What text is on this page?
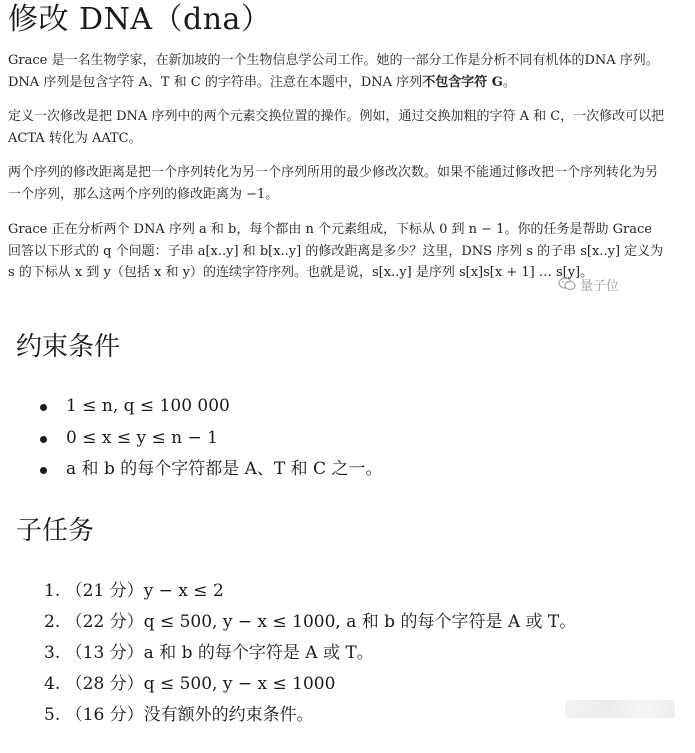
修改 DNA（dna）

Grace 是一名生物学家，在新加坡的一个生物信息学公司工作。她的一部分工作是分析不同有机体的DNA 序列。DNA 序列是包含字符 A、T 和 C 的字符串。注意在本题中，DNA 序列不包含字符 G。

定义一次修改是把 DNA 序列中的两个元素交换位置的操作。例如，通过交换加粗的字符 A 和 C，一次修改可以把 ACTA 转化为 AATC。

两个序列的修改距离是把一个序列转化为另一个序列所用的最少修改次数。如果不能通过修改把一个序列转化为另一个序列，那么这两个序列的修改距离为 −1。

Grace 正在分析两个 DNA 序列 a 和 b，每个都由 n 个元素组成，下标从 0 到 n − 1。你的任务是帮助 Grace 回答以下形式的 q 个问题：子串 a[x..y] 和 b[x..y] 的修改距离是多少？这里，DNS 序列 s 的子串 s[x..y] 定义为 s 的下标从 x 到 y（包括 x 和 y）的连续字符序列。也就是说，s[x..y] 是序列 s[x]s[x + 1] … s[y]。

量子位
约束条件
1 ≤ n, q ≤ 100 000
0 ≤ x ≤ y ≤ n − 1
a 和 b 的每个字符都是 A、T 和 C 之一。
子任务
1. （21 分）y − x ≤ 2
2. （22 分）q ≤ 500, y − x ≤ 1000, a 和 b 的每个字符是 A 或 T。
3. （13 分）a 和 b 的每个字符是 A 或 T。
4. （28 分）q ≤ 500, y − x ≤ 1000
5. （16 分）没有额外的约束条件。
